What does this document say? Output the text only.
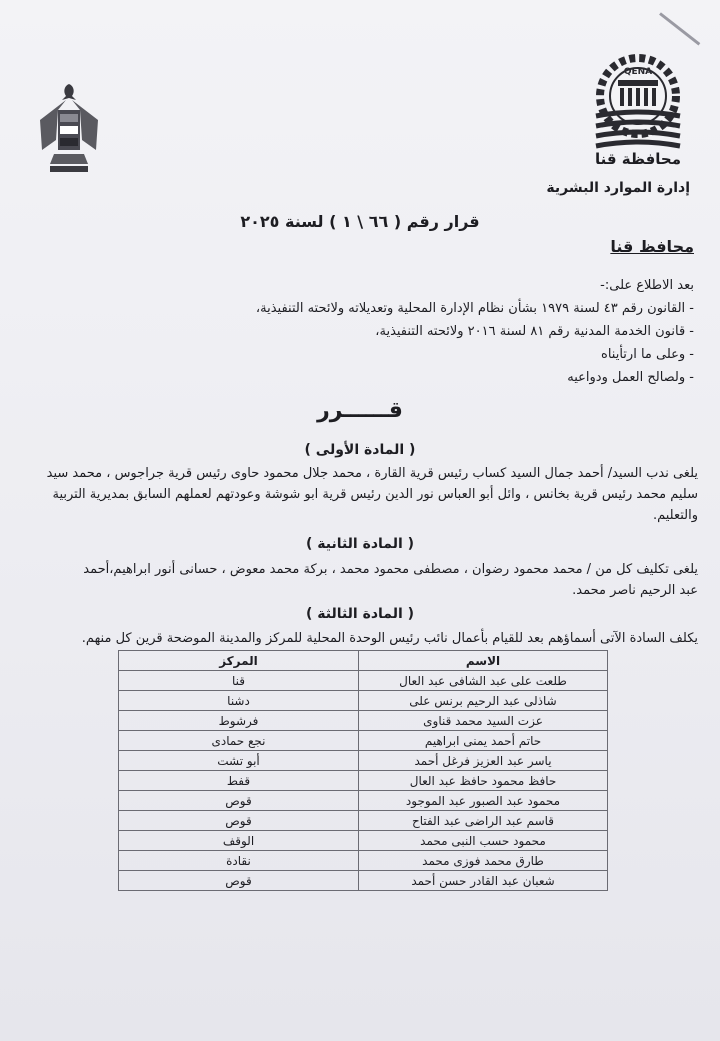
QENA
محافظة قنا
إدارة الموارد البشرية
قرار رقم ( ٦٦ \ ١ ) لسنة ٢٠٢٥
محافظ قنا
بعد الاطلاع على:-
- القانون رقم ٤٣ لسنة ١٩٧٩ بشأن نظام الإدارة المحلية وتعديلاته ولائحته التنفيذية،
- قانون الخدمة المدنية رقم ٨١ لسنة ٢٠١٦ ولائحته التنفيذية،
- وعلى ما ارتأيناه
- ولصالح العمل ودواعيه
قــــــرر
( المادة الأولى )
يلغى ندب السيد/ أحمد جمال السيد كساب رئيس قرية القارة ، محمد جلال محمود حاوى رئيس قرية جراجوس ، محمد سيد
سليم محمد رئيس قرية بخانس ، وائل أبو العباس نور الدين رئيس قرية ابو شوشة وعودتهم لعملهم السابق بمديرية التربية
والتعليم.
( المادة الثانية )
يلغى تكليف كل من / محمد محمود رضوان ، مصطفى محمود محمد ، بركة محمد معوض ، حسانى أنور ابراهيم،أحمد
عبد الرحيم ناصر محمد.
( المادة الثالثة )
يكلف السادة الآتى أسماؤهم بعد للقيام بأعمال نائب رئيس الوحدة المحلية للمركز والمدينة الموضحة قرين كل منهم.
الاسم	المركز
طلعت على عبد الشافى عبد العال	قنا
شاذلى عبد الرحيم برنس على	دشنا
عزت السيد محمد قناوى	فرشوط
حاتم أحمد يمنى ابراهيم	نجع حمادى
ياسر عبد العزيز فرغل أحمد	أبو تشت
حافظ محمود حافظ عبد العال	قفط
محمود عبد الصبور عبد الموجود	قوص
قاسم عبد الراضى عبد الفتاح	قوص
محمود حسب النبى محمد	الوقف
طارق محمد فوزى محمد	نقادة
شعبان عبد القادر حسن أحمد	قوص
